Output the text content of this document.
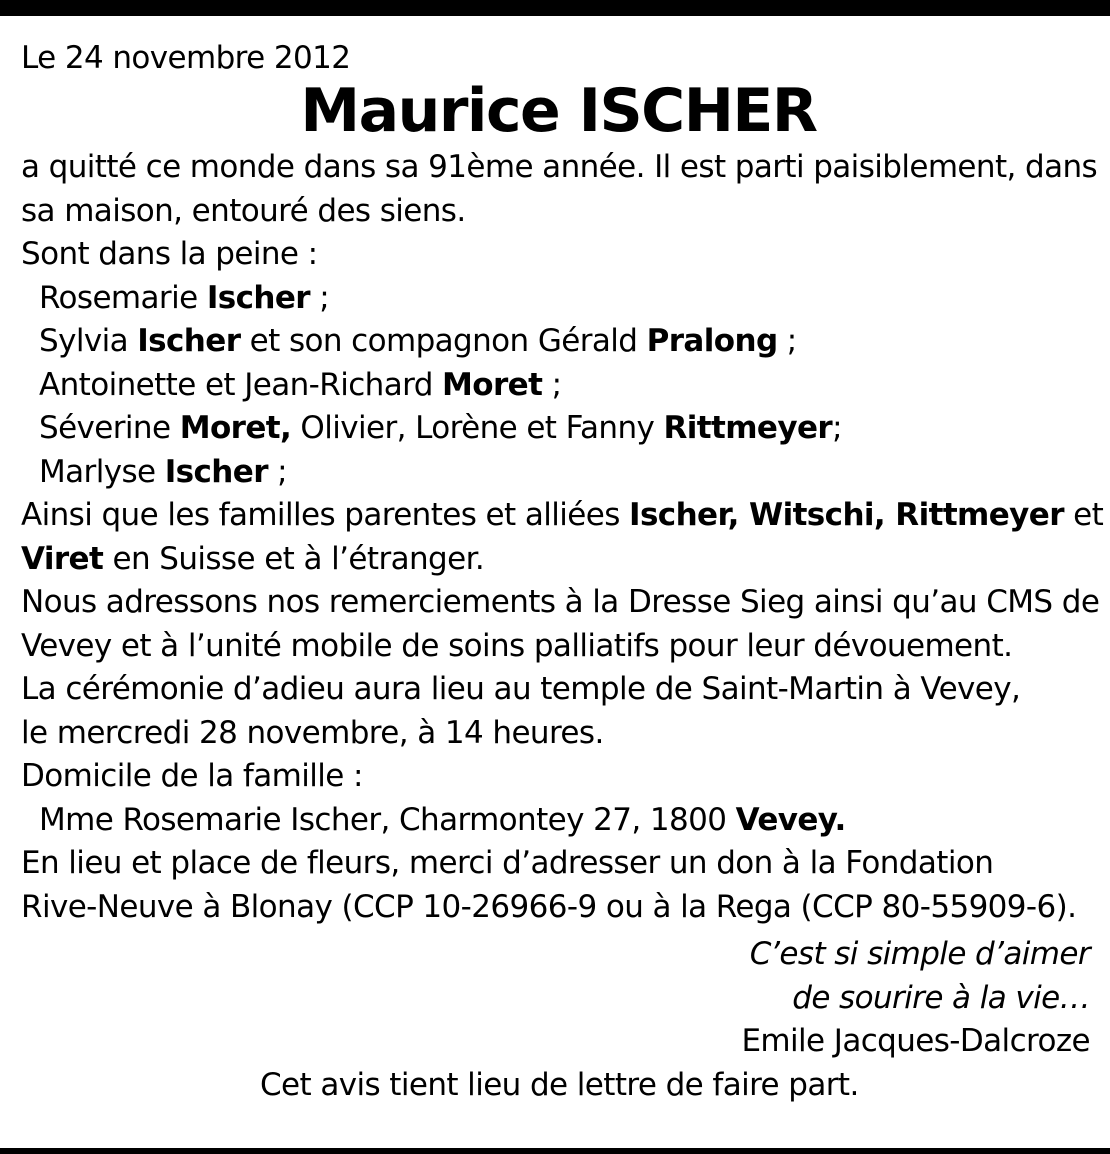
Le 24 novembre 2012
Maurice ISCHER
a quitté ce monde dans sa 91ème année. Il est parti paisiblement, dans
sa maison, entouré des siens.
Sont dans la peine :
Rosemarie Ischer ;
Sylvia Ischer et son compagnon Gérald Pralong ;
Antoinette et Jean-Richard Moret ;
Séverine Moret, Olivier, Lorène et Fanny Rittmeyer;
Marlyse Ischer ;
Ainsi que les familles parentes et alliées Ischer, Witschi, Rittmeyer et
Viret en Suisse et à l’étranger.
Nous adressons nos remerciements à la Dresse Sieg ainsi qu’au CMS de
Vevey et à l’unité mobile de soins palliatifs pour leur dévouement.
La cérémonie d’adieu aura lieu au temple de Saint-Martin à Vevey,
le mercredi 28 novembre, à 14 heures.
Domicile de la famille :
Mme Rosemarie Ischer, Charmontey 27, 1800 Vevey.
En lieu et place de fleurs, merci d’adresser un don à la Fondation
Rive-Neuve à Blonay (CCP 10-26966-9 ou à la Rega (CCP 80-55909-6).
C’est si simple d’aimer
de sourire à la vie…
Emile Jacques-Dalcroze
Cet avis tient lieu de lettre de faire part.
